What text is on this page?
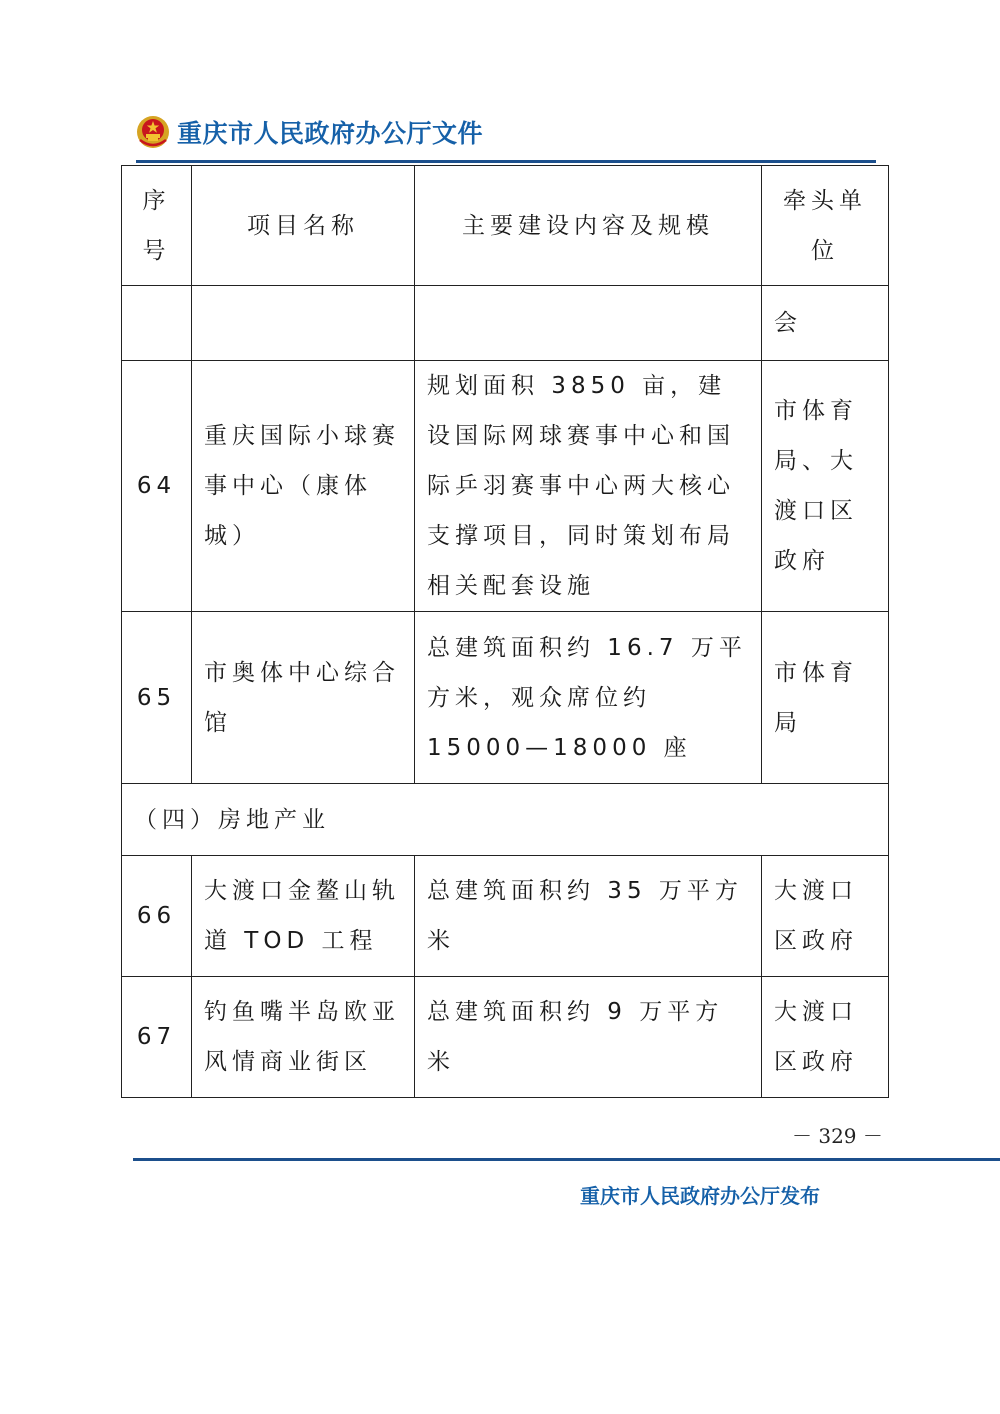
重庆市人民政府办公厅文件
序号	项目名称	主要建设内容及规模	牵头单位
			会
64	重庆国际小球赛事中心（康体城）	规划面积 3850 亩，建设国际网球赛事中心和国际乒羽赛事中心两大核心支撑项目，同时策划布局相关配套设施	市体育局、大渡口区政府
65	市奥体中心综合馆	总建筑面积约 16.7 万平方米，观众席位约 15000—18000 座	市体育局
（四）房地产业			
66	大渡口金鳌山轨道 TOD 工程	总建筑面积约 35 万平方米	大渡口区政府
67	钓鱼嘴半岛欧亚风情商业街区	总建筑面积约 9 万平方米	大渡口区政府
－ 329 －
重庆市人民政府办公厅发布
